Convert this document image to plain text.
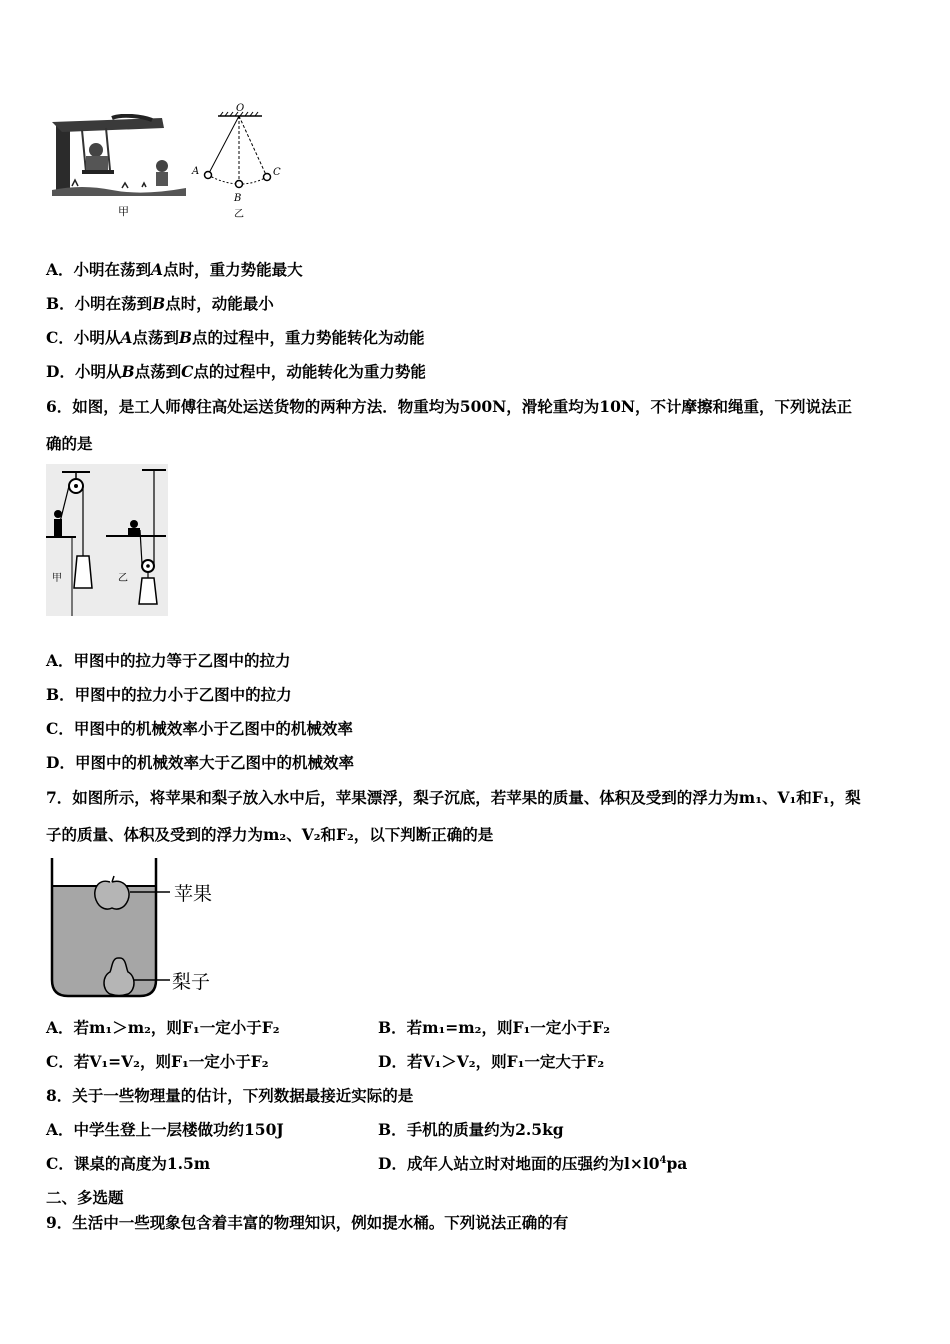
甲
O
A
B
C
乙
A．小明在荡到A点时，重力势能最大
B．小明在荡到B点时，动能最小
C．小明从A点荡到B点的过程中，重力势能转化为动能
D．小明从B点荡到C点的过程中，动能转化为重力势能
6．如图，是工人师傅往高处运送货物的两种方法．物重均为500N，滑轮重均为10N，不计摩擦和绳重，下列说法正
确的是
甲	乙
A．甲图中的拉力等于乙图中的拉力
B．甲图中的拉力小于乙图中的拉力
C．甲图中的机械效率小于乙图中的机械效率
D．甲图中的机械效率大于乙图中的机械效率
7．如图所示，将苹果和梨子放入水中后，苹果漂浮，梨子沉底，若苹果的质量、体积及受到的浮力为m₁、V₁和F₁，梨
子的质量、体积及受到的浮力为m₂、V₂和F₂，以下判断正确的是
苹果
梨子
A．若m₁＞m₂，则F₁一定小于F₂	B．若m₁=m₂，则F₁一定小于F₂
C．若V₁=V₂，则F₁一定小于F₂	D．若V₁＞V₂，则F₁一定大于F₂
8．关于一些物理量的估计，下列数据最接近实际的是
A．中学生登上一层楼做功约150J	B．手机的质量约为2.5kg
C．课桌的高度为1.5m	D．成年人站立时对地面的压强约为$l\times l0^4pa$
二、多选题
9．生活中一些现象包含着丰富的物理知识，例如提水桶。下列说法正确的有
